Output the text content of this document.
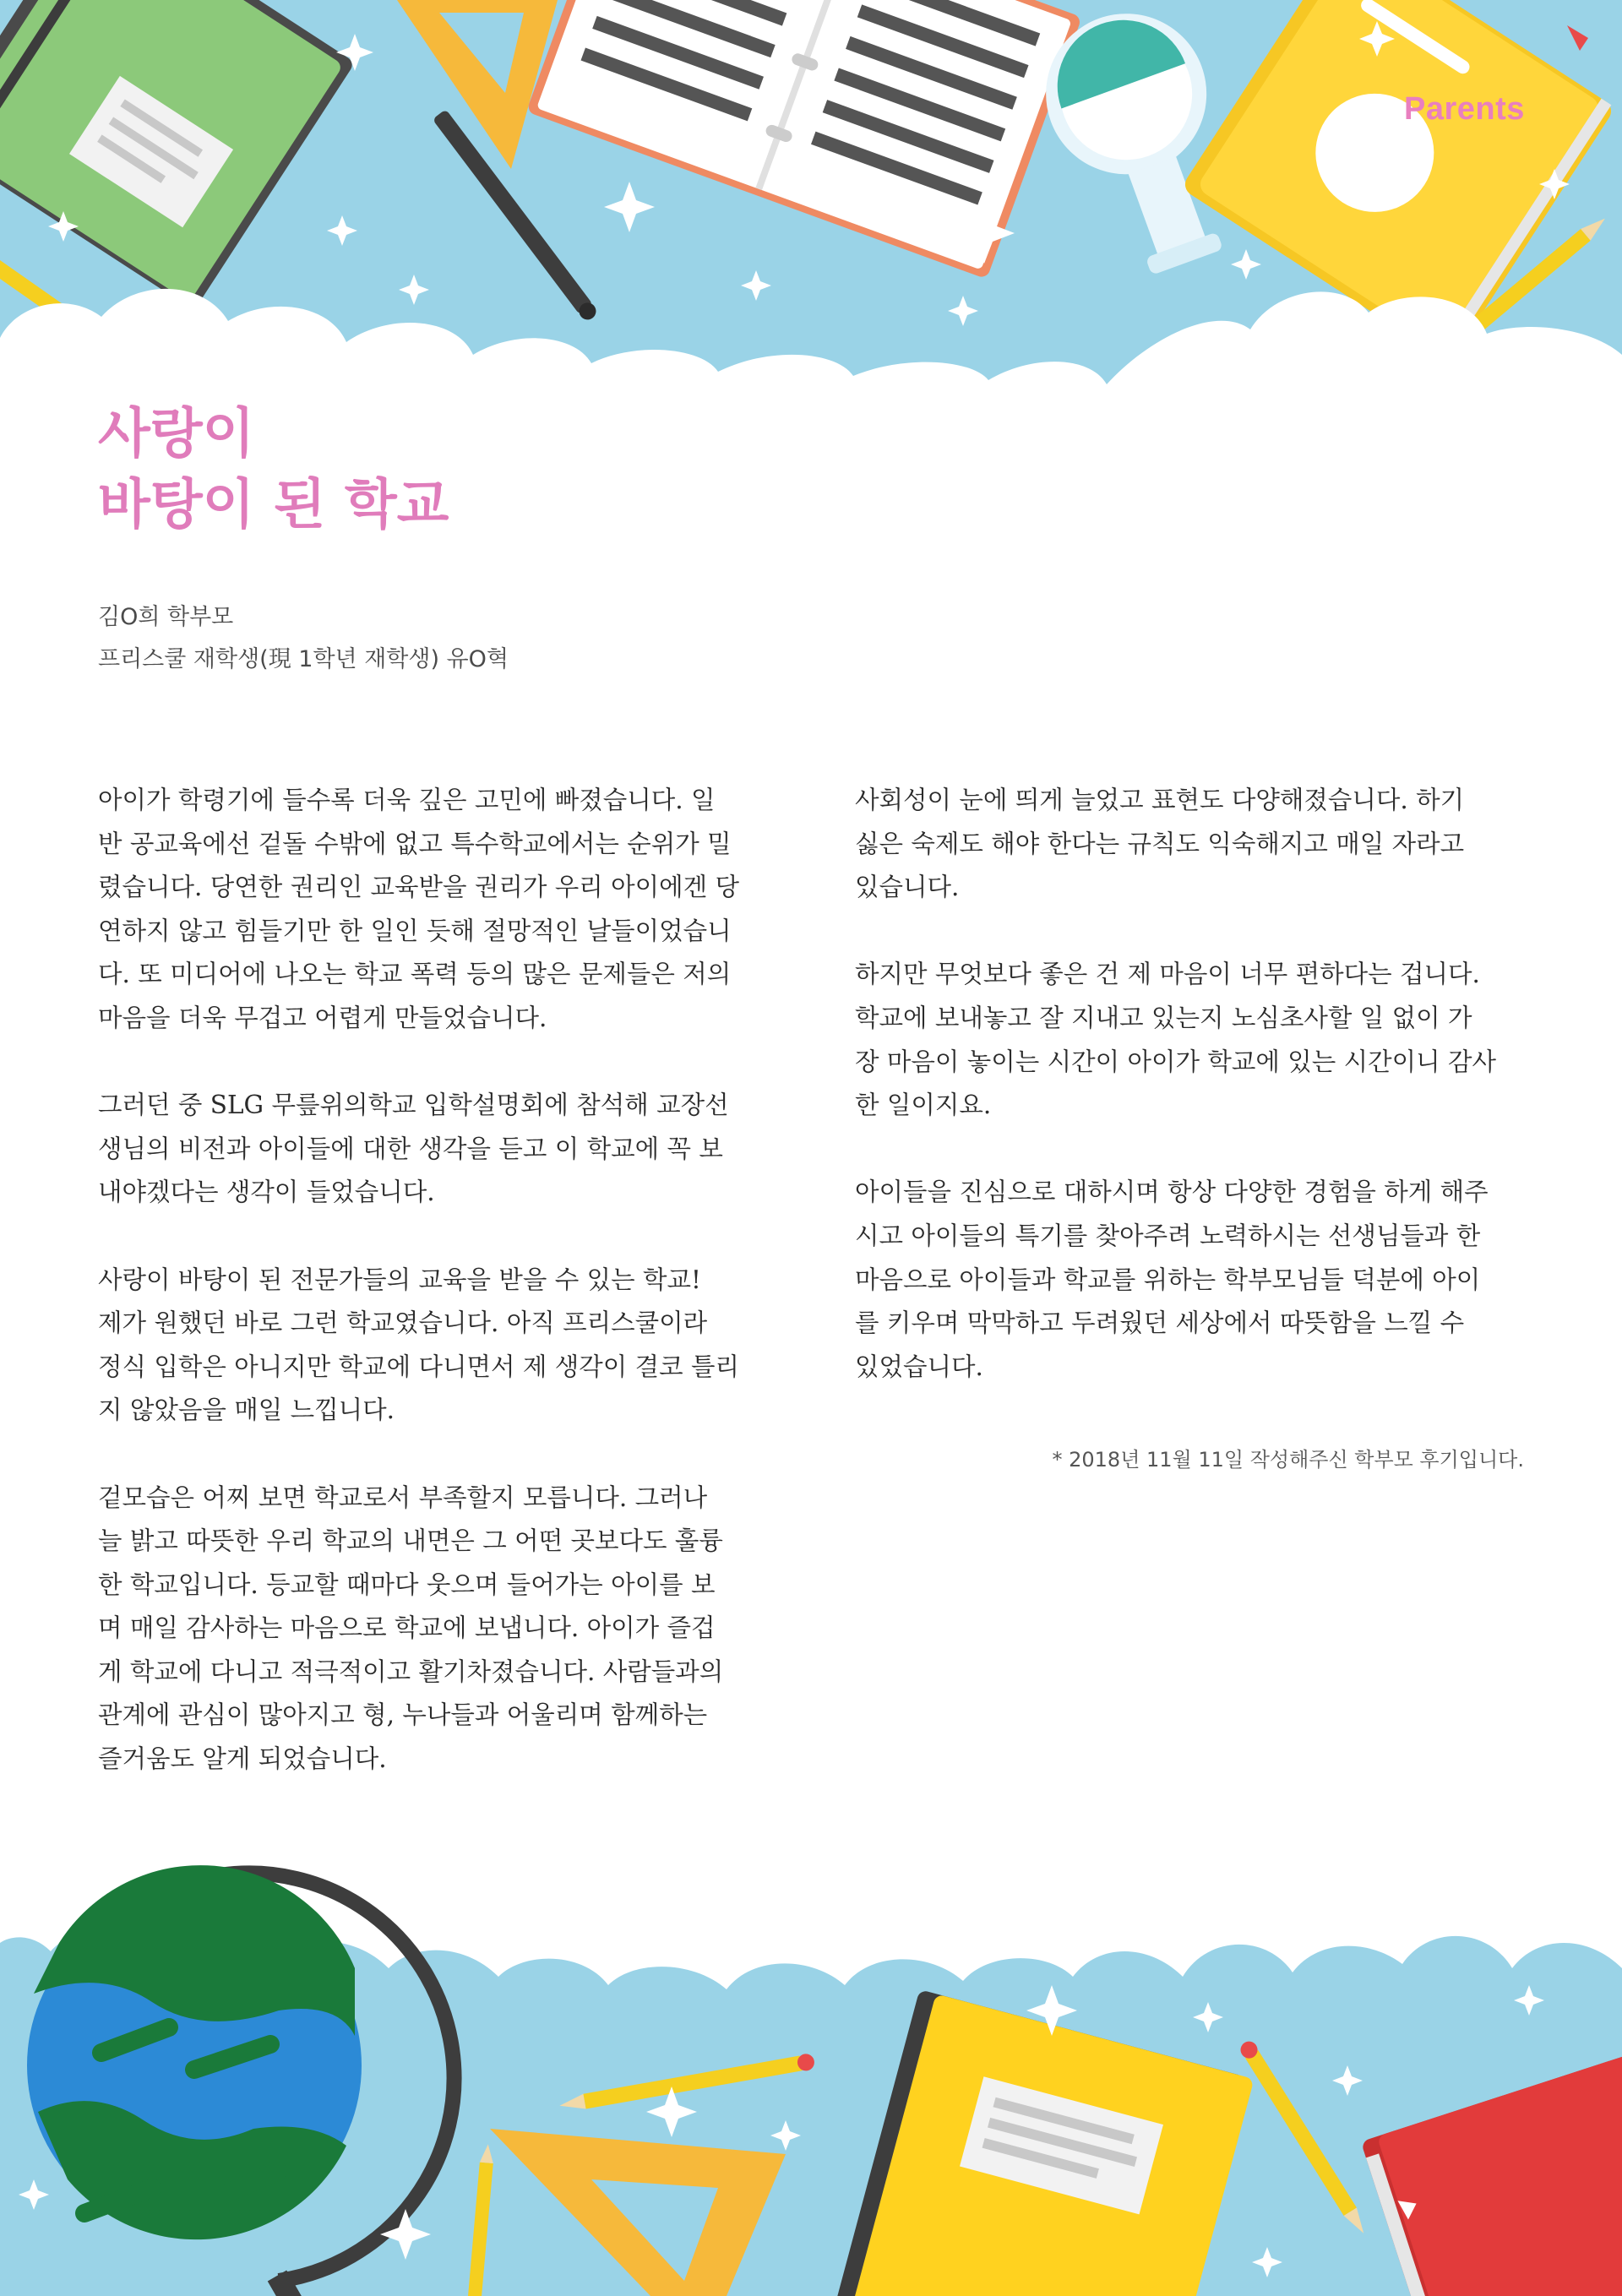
Parents
사랑이
바탕이 된 학교
김O희 학부모
프리스쿨 재학생(現 1학년 재학생) 유O혁

아이가 학령기에 들수록 더욱 깊은 고민에 빠졌습니다. 일
반 공교육에선 겉돌 수밖에 없고 특수학교에서는 순위가 밀
렸습니다. 당연한 권리인 교육받을 권리가 우리 아이에겐 당
연하지 않고 힘들기만 한 일인 듯해 절망적인 날들이었습니
다. 또 미디어에 나오는 학교 폭력 등의 많은 문제들은 저의
마음을 더욱 무겁고 어렵게 만들었습니다.

그러던 중 SLG 무릎위의학교 입학설명회에 참석해 교장선
생님의 비전과 아이들에 대한 생각을 듣고 이 학교에 꼭 보
내야겠다는 생각이 들었습니다.

사랑이 바탕이 된 전문가들의 교육을 받을 수 있는 학교!
제가 원했던 바로 그런 학교였습니다. 아직 프리스쿨이라
정식 입학은 아니지만 학교에 다니면서 제 생각이 결코 틀리
지 않았음을 매일 느낍니다.

겉모습은 어찌 보면 학교로서 부족할지 모릅니다. 그러나
늘 밝고 따뜻한 우리 학교의 내면은 그 어떤 곳보다도 훌륭
한 학교입니다. 등교할 때마다 웃으며 들어가는 아이를 보
며 매일 감사하는 마음으로 학교에 보냅니다. 아이가 즐겁
게 학교에 다니고 적극적이고 활기차졌습니다. 사람들과의
관계에 관심이 많아지고 형, 누나들과 어울리며 함께하는
즐거움도 알게 되었습니다.

사회성이 눈에 띄게 늘었고 표현도 다양해졌습니다. 하기
싫은 숙제도 해야 한다는 규칙도 익숙해지고 매일 자라고
있습니다.

하지만 무엇보다 좋은 건 제 마음이 너무 편하다는 겁니다.
학교에 보내놓고 잘 지내고 있는지 노심초사할 일 없이 가
장 마음이 놓이는 시간이 아이가 학교에 있는 시간이니 감사
한 일이지요.

아이들을 진심으로 대하시며 항상 다양한 경험을 하게 해주
시고 아이들의 특기를 찾아주려 노력하시는 선생님들과 한
마음으로 아이들과 학교를 위하는 학부모님들 덕분에 아이
를 키우며 막막하고 두려웠던 세상에서 따뜻함을 느낄 수
있었습니다.

* 2018년 11월 11일 작성해주신 학부모 후기입니다.
